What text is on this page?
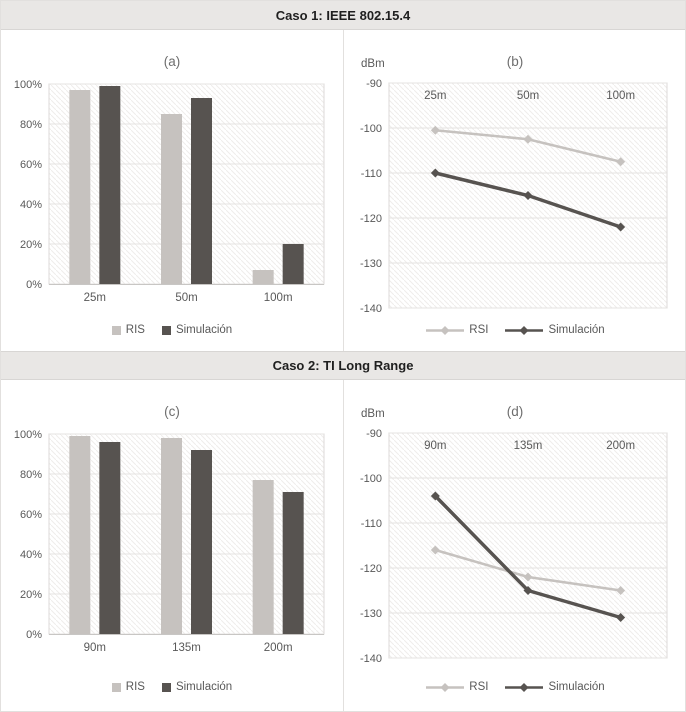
Caso 1: IEEE 802.15.4
(a)
0%
20%
40%
60%
80%
100%
25m	50m	100m
RIS	Simulación
(b)
dBm
-90
-100
-110
-120
-130
-140
25m	50m	100m
RSI	Simulación
Caso 2: TI Long Range
(c)
0%
20%
40%
60%
80%
100%
90m	135m	200m
RIS	Simulación
(d)
dBm
-90
-100
-110
-120
-130
-140
90m	135m	200m
RSI	Simulación
